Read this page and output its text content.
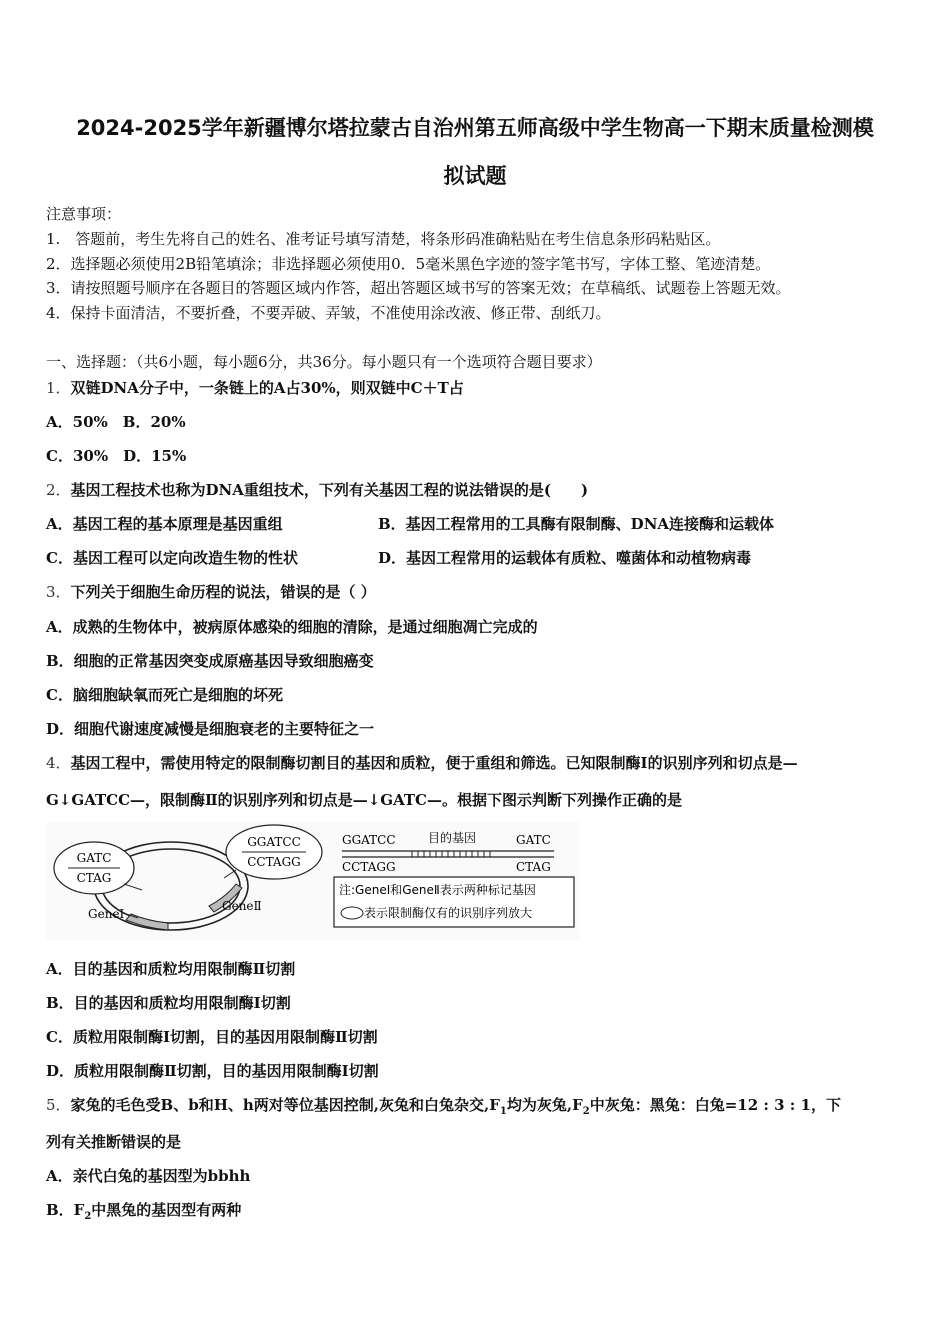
2024-2025学年新疆博尔塔拉蒙古自治州第五师高级中学生物高一下期末质量检测模
拟试题
注意事项：
1.　答题前，考生先将自己的姓名、准考证号填写清楚，将条形码准确粘贴在考生信息条形码粘贴区。
2．选择题必须使用2B铅笔填涂；非选择题必须使用0．5毫米黑色字迹的签字笔书写，字体工整、笔迹清楚。
3．请按照题号顺序在各题目的答题区域内作答，超出答题区域书写的答案无效；在草稿纸、试题卷上答题无效。
4．保持卡面清洁，不要折叠，不要弄破、弄皱，不准使用涂改液、修正带、刮纸刀。
一、选择题：（共6小题，每小题6分，共36分。每小题只有一个选项符合题目要求）
1．双链DNA分子中，一条链上的A占30%，则双链中C＋T占
A．50%　B．20%
C．30%　D．15%
2．基因工程技术也称为DNA重组技术，下列有关基因工程的说法错误的是(　　)
A．基因工程的基本原理是基因重组	B．基因工程常用的工具酶有限制酶、DNA连接酶和运载体
C．基因工程可以定向改造生物的性状	D．基因工程常用的运载体有质粒、噬菌体和动植物病毒
3．下列关于细胞生命历程的说法，错误的是（ ）
A．成熟的生物体中，被病原体感染的细胞的清除，是通过细胞凋亡完成的
B．细胞的正常基因突变成原癌基因导致细胞癌变
C．脑细胞缺氧而死亡是细胞的坏死
D．细胞代谢速度减慢是细胞衰老的主要特征之一
4．基因工程中，需使用特定的限制酶切割目的基因和质粒，便于重组和筛选。已知限制酶Ⅰ的识别序列和切点是—
G↓GATCC—，限制酶Ⅱ的识别序列和切点是—↓GATC—。根据下图示判断下列操作正确的是
GATC
CTAG
GGATCC
CCTAGG
GeneⅠ
GeneⅡ
GGATCC	目的基因	GATC
CCTAGG	CTAG
注:GeneⅠ和GeneⅡ表示两种标记基因
表示限制酶仅有的识别序列放大
A．目的基因和质粒均用限制酶Ⅱ切割
B．目的基因和质粒均用限制酶Ⅰ切割
C．质粒用限制酶Ⅰ切割，目的基因用限制酶Ⅱ切割
D．质粒用限制酶Ⅱ切割，目的基因用限制酶Ⅰ切割
5．家兔的毛色受B、b和H、h两对等位基因控制,灰兔和白兔杂交$,F_1$均为灰兔$,F_2$中灰兔：黑兔：白兔=12 : 3 : 1，下
列有关推断错误的是
A．亲代白兔的基因型为bbhh
B．$F_2$中黑兔的基因型有两种
